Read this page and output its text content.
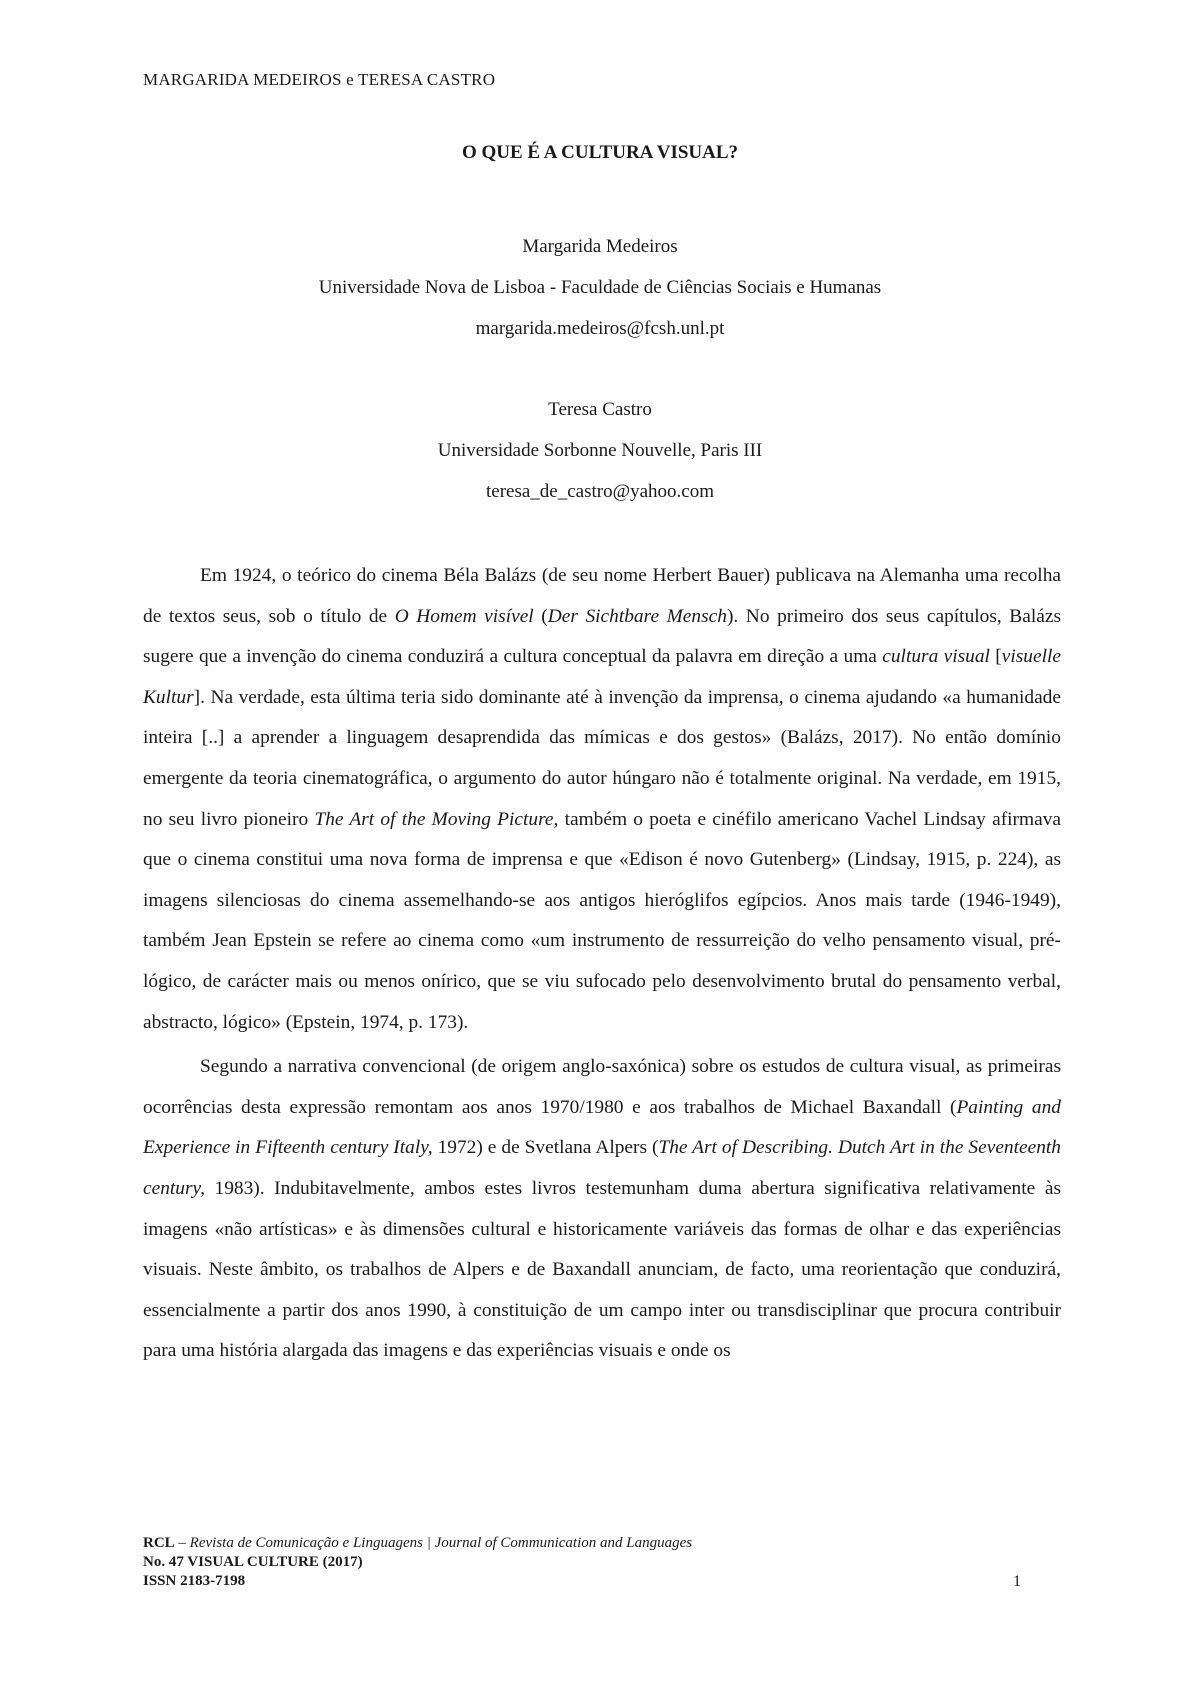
MARGARIDA MEDEIROS e TERESA CASTRO
O QUE É A CULTURA VISUAL?
Margarida Medeiros
Universidade Nova de Lisboa - Faculdade de Ciências Sociais e Humanas
margarida.medeiros@fcsh.unl.pt
Teresa Castro
Universidade Sorbonne Nouvelle, Paris III
teresa_de_castro@yahoo.com

Em 1924, o teórico do cinema Béla Balázs (de seu nome Herbert Bauer) publicava na Alemanha uma recolha de textos seus, sob o título de O Homem visível (Der Sichtbare Mensch). No primeiro dos seus capítulos, Balázs sugere que a invenção do cinema conduzirá a cultura conceptual da palavra em direção a uma cultura visual [visuelle Kultur]. Na verdade, esta última teria sido dominante até à invenção da imprensa, o cinema ajudando «a humanidade inteira [..] a aprender a linguagem desaprendida das mímicas e dos gestos» (Balázs, 2017). No então domínio emergente da teoria cinematográfica, o argumento do autor húngaro não é totalmente original. Na verdade, em 1915, no seu livro pioneiro The Art of the Moving Picture, também o poeta e cinéfilo americano Vachel Lindsay afirmava que o cinema constitui uma nova forma de imprensa e que «Edison é novo Gutenberg» (Lindsay, 1915, p. 224), as imagens silenciosas do cinema assemelhando-se aos antigos hieróglifos egípcios. Anos mais tarde (1946-1949), também Jean Epstein se refere ao cinema como «um instrumento de ressurreição do velho pensamento visual, pré-lógico, de carácter mais ou menos onírico, que se viu sufocado pelo desenvolvimento brutal do pensamento verbal, abstracto, lógico» (Epstein, 1974, p. 173).

Segundo a narrativa convencional (de origem anglo-saxónica) sobre os estudos de cultura visual, as primeiras ocorrências desta expressão remontam aos anos 1970/1980 e aos trabalhos de Michael Baxandall (Painting and Experience in Fifteenth century Italy, 1972) e de Svetlana Alpers (The Art of Describing. Dutch Art in the Seventeenth century, 1983). Indubitavelmente, ambos estes livros testemunham duma abertura significativa relativamente às imagens «não artísticas» e às dimensões cultural e historicamente variáveis das formas de olhar e das experiências visuais. Neste âmbito, os trabalhos de Alpers e de Baxandall anunciam, de facto, uma reorientação que conduzirá, essencialmente a partir dos anos 1990, à constituição de um campo inter ou transdisciplinar que procura contribuir para uma história alargada das imagens e das experiências visuais e onde os

RCL – Revista de Comunicação e Linguagens | Journal of Communication and Languages
No. 47 VISUAL CULTURE (2017)
ISSN 2183-7198	1
